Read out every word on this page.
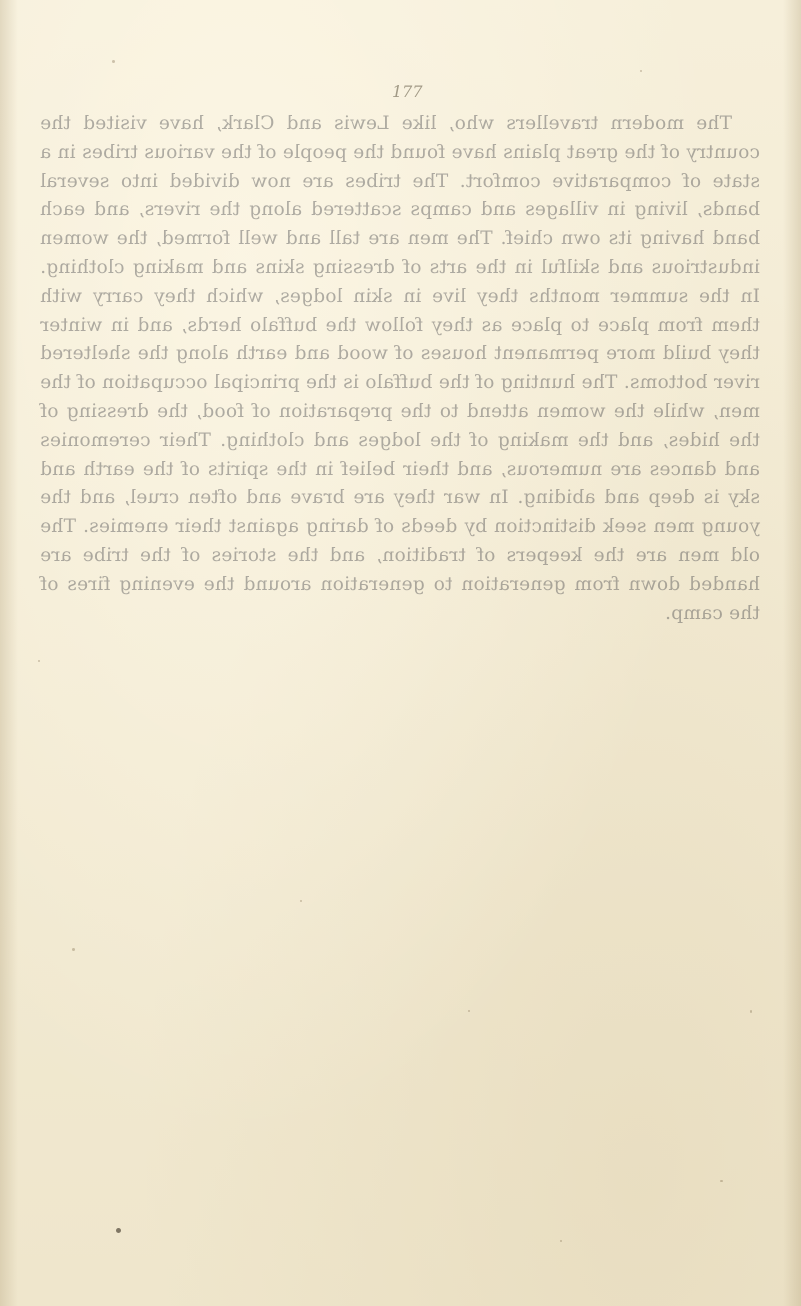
177

The modern travellers who, like Lewis and Clark, have visited the country of the great plains have found the people of the various tribes in a state of comparative comfort. The tribes are now divided into several bands, living in villages and camps scattered along the rivers, and each band having its own chief. The men are tall and well formed, the women industrious and skilful in the arts of dressing skins and making clothing. In the summer months they live in skin lodges, which they carry with them from place to place as they follow the buffalo herds, and in winter they build more permanent houses of wood and earth along the sheltered river bottoms. The hunting of the buffalo is the principal occupation of the men, while the women attend to the preparation of food, the dressing of the hides, and the making of the lodges and clothing. Their ceremonies and dances are numerous, and their belief in the spirits of the earth and sky is deep and abiding. In war they are brave and often cruel, and the young men seek distinction by deeds of daring against their enemies. The old men are the keepers of tradition, and the stories of the tribe are handed down from generation to generation around the evening fires of the camp.
